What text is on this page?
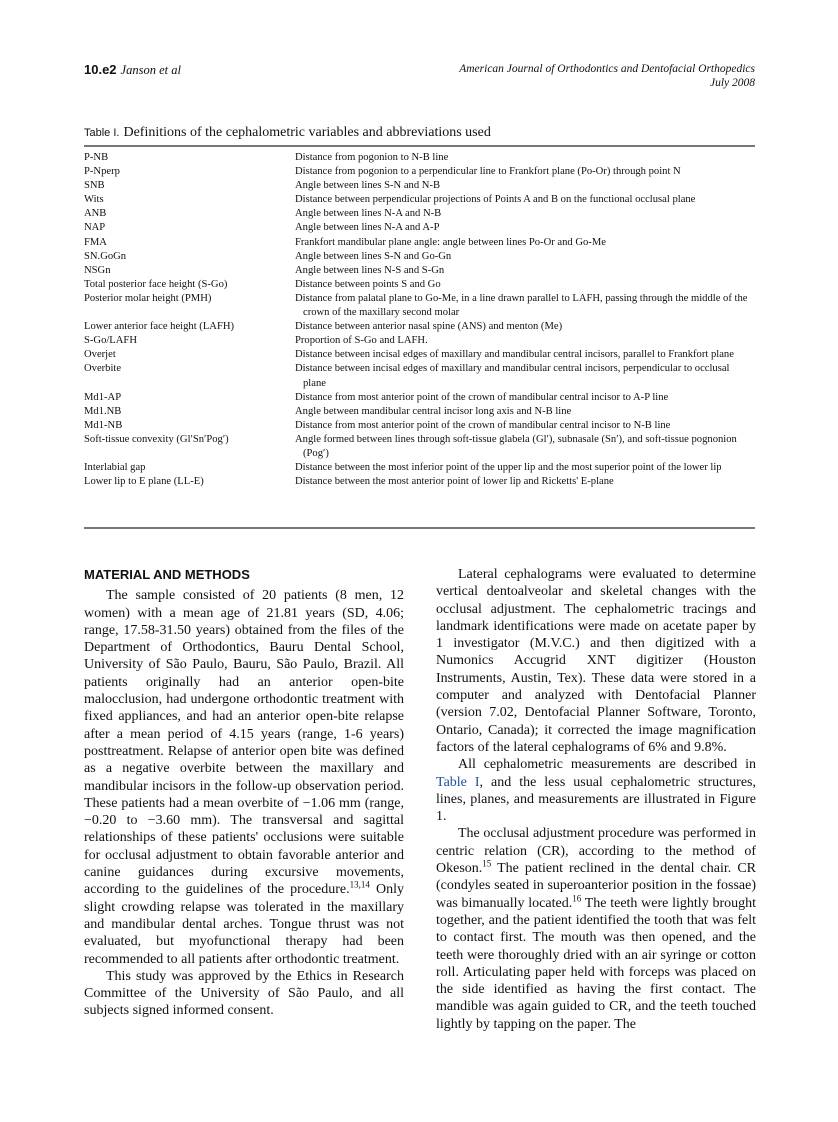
10.e2 Janson et al	American Journal of Orthodontics and Dentofacial Orthopedics
July 2008
Table I. Definitions of the cephalometric variables and abbreviations used
P-NB	Distance from pogonion to N-B line
P-Nperp	Distance from pogonion to a perpendicular line to Frankfort plane (Po-Or) through point N
SNB	Angle between lines S-N and N-B
Wits	Distance between perpendicular projections of Points A and B on the functional occlusal plane
ANB	Angle between lines N-A and N-B
NAP	Angle between lines N-A and A-P
FMA	Frankfort mandibular plane angle: angle between lines Po-Or and Go-Me
SN.GoGn	Angle between lines S-N and Go-Gn
NSGn	Angle between lines N-S and S-Gn
Total posterior face height (S-Go)	Distance between points S and Go
Posterior molar height (PMH)	Distance from palatal plane to Go-Me, in a line drawn parallel to LAFH, passing through the middle of the crown of the maxillary second molar
Lower anterior face height (LAFH)	Distance between anterior nasal spine (ANS) and menton (Me)
S-Go/LAFH	Proportion of S-Go and LAFH.
Overjet	Distance between incisal edges of maxillary and mandibular central incisors, parallel to Frankfort plane
Overbite	Distance between incisal edges of maxillary and mandibular central incisors, perpendicular to occlusal plane
Md1-AP	Distance from most anterior point of the crown of mandibular central incisor to A-P line
Md1.NB	Angle between mandibular central incisor long axis and N-B line
Md1-NB	Distance from most anterior point of the crown of mandibular central incisor to N-B line
Soft-tissue convexity (Gl′Sn′Pog′)	Angle formed between lines through soft-tissue glabela (Gl′), subnasale (Sn′), and soft-tissue pognonion (Pog′)
Interlabial gap	Distance between the most inferior point of the upper lip and the most superior point of the lower lip
Lower lip to E plane (LL-E)	Distance between the most anterior point of lower lip and Ricketts' E-plane
MATERIAL AND METHODS

The sample consisted of 20 patients (8 men, 12 women) with a mean age of 21.81 years (SD, 4.06; range, 17.58-31.50 years) obtained from the files of the Department of Orthodontics, Bauru Dental School, University of São Paulo, Bauru, São Paulo, Brazil. All patients originally had an anterior open-bite malocclusion, had undergone orthodontic treatment with fixed appliances, and had an anterior open-bite relapse after a mean period of 4.15 years (range, 1-6 years) posttreatment. Relapse of anterior open bite was defined as a negative overbite between the maxillary and mandibular incisors in the follow-up observation period. These patients had a mean overbite of −1.06 mm (range, −0.20 to −3.60 mm). The transversal and sagittal relationships of these patients' occlusions were suitable for occlusal adjustment to obtain favorable anterior and canine guidances during excursive movements, according to the guidelines of the procedure.$^{13,14}$ Only slight crowding relapse was tolerated in the maxillary and mandibular dental arches. Tongue thrust was not evaluated, but myofunctional therapy had been recommended to all patients after orthodontic treatment.

This study was approved by the Ethics in Research Committee of the University of São Paulo, and all subjects signed informed consent.

Lateral cephalograms were evaluated to determine vertical dentoalveolar and skeletal changes with the occlusal adjustment. The cephalometric tracings and landmark identifications were made on acetate paper by 1 investigator (M.V.C.) and then digitized with a Numonics Accugrid XNT digitizer (Houston Instruments, Austin, Tex). These data were stored in a computer and analyzed with Dentofacial Planner (version 7.02, Dentofacial Planner Software, Toronto, Ontario, Canada); it corrected the image magnification factors of the lateral cephalograms of 6% and 9.8%.

All cephalometric measurements are described in Table I, and the less usual cephalometric structures, lines, planes, and measurements are illustrated in Figure 1.

The occlusal adjustment procedure was performed in centric relation (CR), according to the method of Okeson.$^{15}$ The patient reclined in the dental chair. CR (condyles seated in superoanterior position in the fossae) was bimanually located.$^{16}$ The teeth were lightly brought together, and the patient identified the tooth that was felt to contact first. The mouth was then opened, and the teeth were thoroughly dried with an air syringe or cotton roll. Articulating paper held with forceps was placed on the side identified as having the first contact. The mandible was again guided to CR, and the teeth touched lightly by tapping on the paper. The
